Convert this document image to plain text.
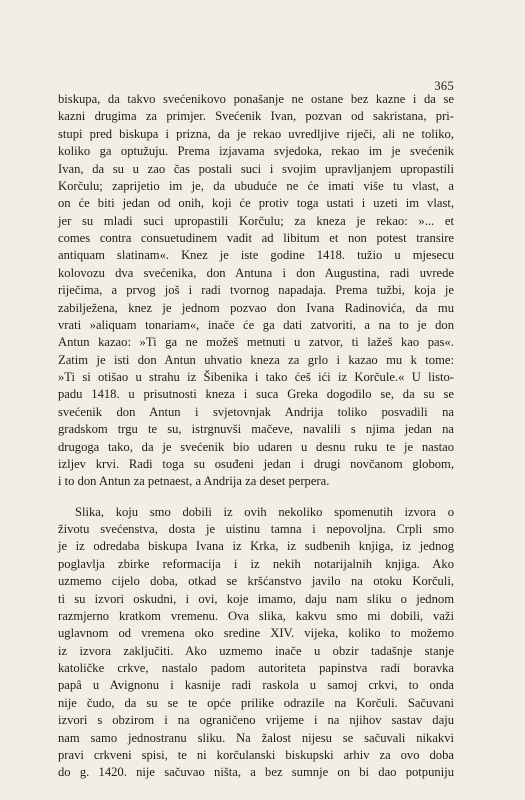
365
biskupa, da takvo svećenikovo ponašanje ne ostane bez kazne i da se
kazni drugima za primjer. Svećenik Ivan, pozvan od sakristana, pri-
stupi pred biskupa i prizna, da je rekao uvredljive riječi, ali ne toliko,
koliko ga optužuju. Prema izjavama svjedoka, rekao im je svećenik
Ivan, da su u zao čas postali suci i svojim upravljanjem upropastili
Korčulu; zaprijetio im je, da ubuduće ne će imati više tu vlast, a
on će biti jedan od onih, koji će protiv toga ustati i uzeti im vlast,
jer su mladi suci upropastili Korčulu; za kneza je rekao: »... et
comes contra consuetudinem vadit ad libitum et non potest transire
antiquam slatinam«. Knez je iste godine 1418. tužio u mjesecu
kolovozu dva svećenika, don Antuna i don Augustina, radi uvrede
riječima, a prvog još i radi tvornog napadaja. Prema tužbi, koja je
zabilježena, knez je jednom pozvao don Ivana Radinovića, da mu
vrati »aliquam tonariam«, inače će ga dati zatvoriti, a na to je don
Antun kazao: »Ti ga ne možeš metnuti u zatvor, ti lažeš kao pas«.
Zatim je isti don Antun uhvatio kneza za grlo i kazao mu k tome:
»Ti si otišao u strahu iz Šibenika i tako ćeš ići iz Korčule.« U listo-
padu 1418. u prisutnosti kneza i suca Greka dogodilo se, da su se
svećenik don Antun i svjetovnjak Andrija toliko posvadili na
gradskom trgu te su, istrgnuvši mačeve, navalili s njima jedan na
drugoga tako, da je svećenik bio udaren u desnu ruku te je nastao
izljev krvi. Radi toga su osuđeni jedan i drugi novčanom globom,
i to don Antun za petnaest, a Andrija za deset perpera.
Slika, koju smo dobili iz ovih nekoliko spomenutih izvora o
životu svećenstva, dosta je uistinu tamna i nepovoljna. Crpli smo
je iz odredaba biskupa Ivana iz Krka, iz sudbenih knjiga, iz jednog
poglavlja zbirke reformacija i iz nekih notarijalnih knjiga. Ako
uzmemo cijelo doba, otkad se kršćanstvo javilo na otoku Korčuli,
ti su izvori oskudni, i ovi, koje imamo, daju nam sliku o jednom
razmjerno kratkom vremenu. Ova slika, kakvu smo mi dobili, važi
uglavnom od vremena oko sredine XIV. vijeka, koliko to možemo
iz izvora zaključiti. Ako uzmemo inače u obzir tadašnje stanje
katoličke crkve, nastalo padom autoriteta papinstva radi boravka
papâ u Avignonu i kasnije radi raskola u samoj crkvi, to onda
nije čudo, da su se te opće prilike odrazile na Korčuli. Sačuvani
izvori s obzirom i na ograničeno vrijeme i na njihov sastav daju
nam samo jednostranu sliku. Na žalost nijesu se sačuvali nikakvi
pravi crkveni spisi, te ni korčulanski biskupski arhiv za ovo doba
do g. 1420. nije sačuvao ništa, a bez sumnje on bi dao potpuniju
